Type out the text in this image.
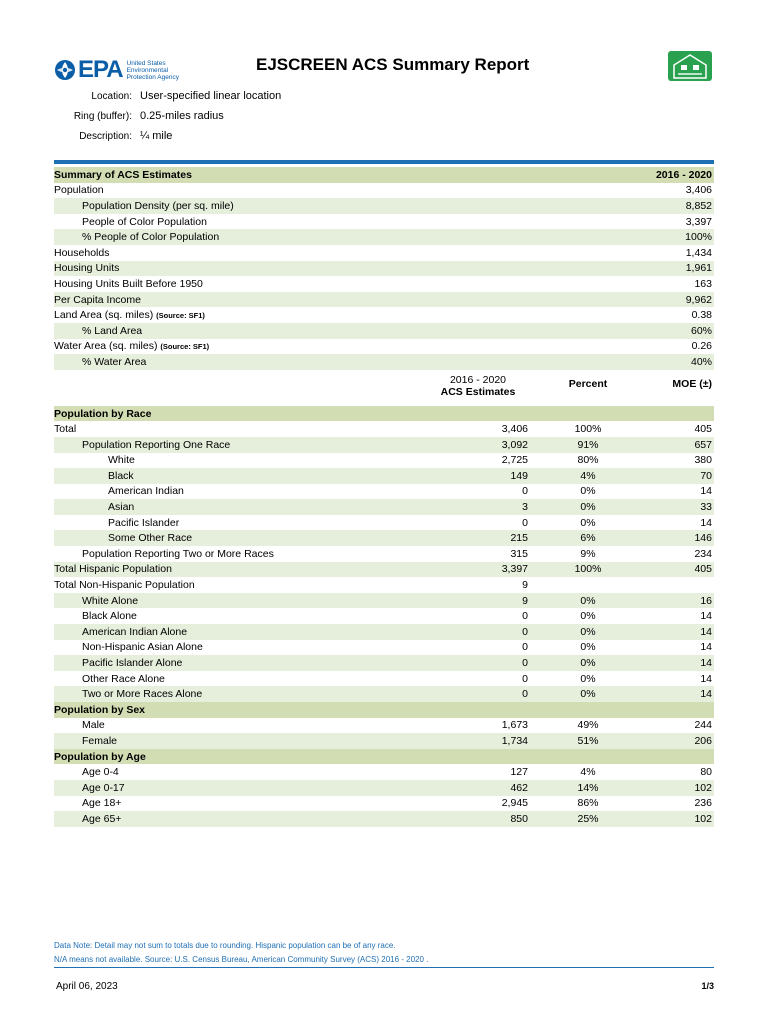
EPA United States Environmental Protection Agency
EJSCREEN ACS Summary Report
Location: User-specified linear location
Ring (buffer): 0.25-miles radius
Description: ¼ mile
Summary of ACS Estimates	2016 - 2020
Population	3,406
Population Density (per sq. mile)	8,852
People of Color Population	3,397
% People of Color Population	100%
Households	1,434
Housing Units	1,961
Housing Units Built Before 1950	163
Per Capita Income	9,962
Land Area (sq. miles) (Source: SF1)	0.38
% Land Area	60%
Water Area (sq. miles) (Source: SF1)	0.26
% Water Area	40%
2016 - 2020
ACS Estimates
Percent	MOE (±)
Population by Race
Total	3,406	100%	405
Population Reporting One Race	3,092	91%	657
White	2,725	80%	380
Black	149	4%	70
American Indian	0	0%	14
Asian	3	0%	33
Pacific Islander	0	0%	14
Some Other Race	215	6%	146
Population Reporting Two or More Races	315	9%	234
Total Hispanic Population	3,397	100%	405
Total Non-Hispanic Population	9
White Alone	9	0%	16
Black Alone	0	0%	14
American Indian Alone	0	0%	14
Non-Hispanic Asian Alone	0	0%	14
Pacific Islander Alone	0	0%	14
Other Race Alone	0	0%	14
Two or More Races Alone	0	0%	14
Population by Sex
Male	1,673	49%	244
Female	1,734	51%	206
Population by Age
Age 0-4	127	4%	80
Age 0-17	462	14%	102
Age 18+	2,945	86%	236
Age 65+	850	25%	102
Data Note: Detail may not sum to totals due to rounding. Hispanic population can be of any race.
N/A means not available. Source: U.S. Census Bureau, American Community Survey (ACS) 2016 - 2020 .
April 06, 2023	1/3
